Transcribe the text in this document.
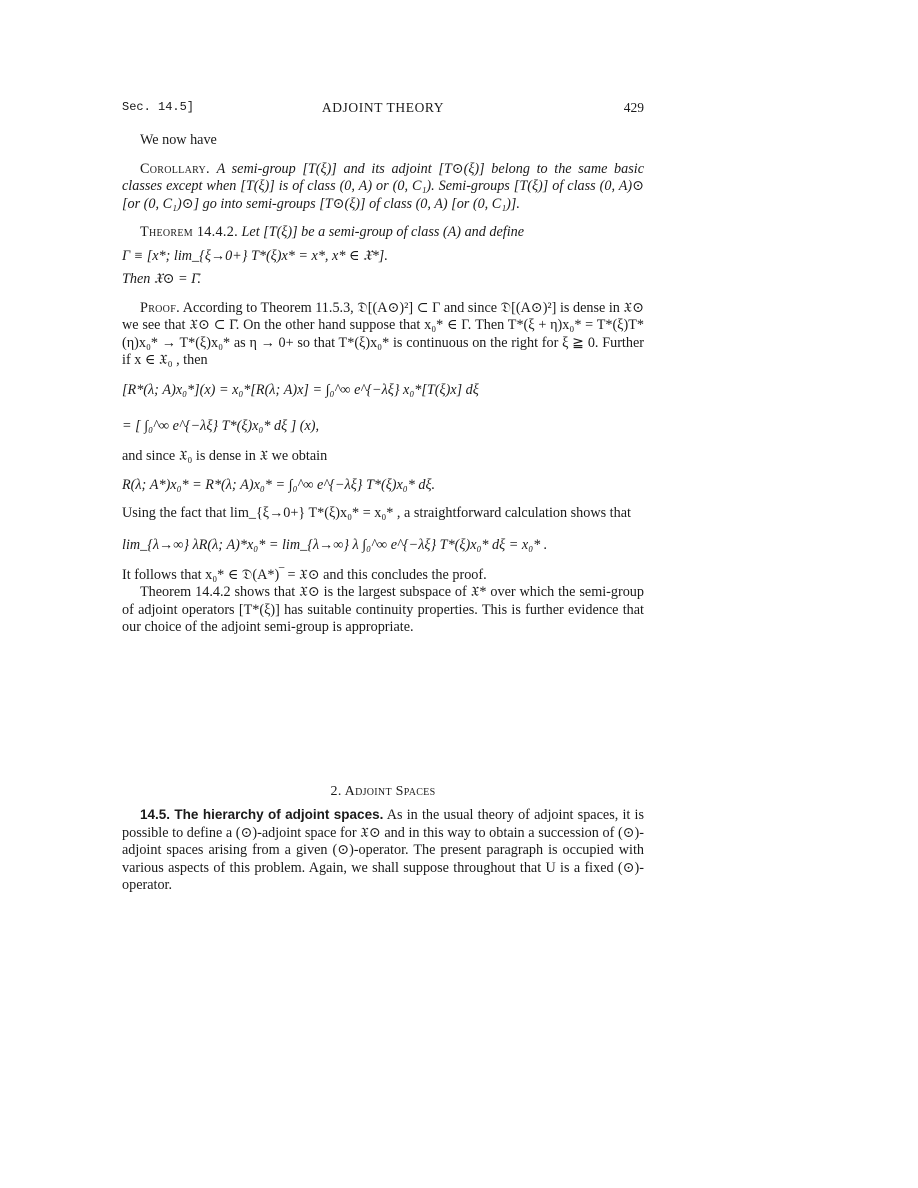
Sec. 14.5]	ADJOINT THEORY	429

We now have

Corollary. A semi-group [T(ξ)] and its adjoint [T⊙(ξ)] belong to the same basic classes except when [T(ξ)] is of class (0, A) or (0, C₁). Semi-groups [T(ξ)] of class (0, A)⊙ [or (0, C₁)⊙] go into semi-groups [T⊙(ξ)] of class (0, A) [or (0, C₁)].

Theorem 14.4.2. Let [T(ξ)] be a semi-group of class (A) and define

Γ ≡ [x*; lim_{ξ→0+} T*(ξ)x* = x*, x* ∈ 𝔛*].

Then 𝔛⊙ = Γ̄.

Proof. According to Theorem 11.5.3, 𝔇[(A⊙)²] ⊂ Γ and since 𝔇[(A⊙)²] is dense in 𝔛⊙ we see that 𝔛⊙ ⊂ Γ̄. On the other hand suppose that x₀* ∈ Γ. Then T*(ξ + η)x₀* = T*(ξ)T*(η)x₀* → T*(ξ)x₀* as η → 0+ so that T*(ξ)x₀* is continuous on the right for ξ ≧ 0. Further if x ∈ 𝔛₀ , then

[R*(λ; A)x₀*](x) = x₀*[R(λ; A)x] = ∫₀^∞ e^{−λξ} x₀*[T(ξ)x] dξ

= [ ∫₀^∞ e^{−λξ} T*(ξ)x₀* dξ ] (x),

and since 𝔛₀ is dense in 𝔛 we obtain

R(λ; A*)x₀* = R*(λ; A)x₀* = ∫₀^∞ e^{−λξ} T*(ξ)x₀* dξ.

Using the fact that lim_{ξ→0+} T*(ξ)x₀* = x₀* , a straightforward calculation shows that

lim_{λ→∞} λR(λ; A)*x₀* = lim_{λ→∞} λ ∫₀^∞ e^{−λξ} T*(ξ)x₀* dξ = x₀* .

It follows that x₀* ∈ 𝔇(A*)‾ = 𝔛⊙ and this concludes the proof.

Theorem 14.4.2 shows that 𝔛⊙ is the largest subspace of 𝔛* over which the semi-group of adjoint operators [T*(ξ)] has suitable continuity properties. This is further evidence that our choice of the adjoint semi-group is appropriate.

2. Adjoint Spaces

14.5. The hierarchy of adjoint spaces. As in the usual theory of adjoint spaces, it is possible to define a (⊙)-adjoint space for 𝔛⊙ and in this way to obtain a succession of (⊙)-adjoint spaces arising from a given (⊙)-operator. The present paragraph is occupied with various aspects of this problem. Again, we shall suppose throughout that U is a fixed (⊙)-operator.
